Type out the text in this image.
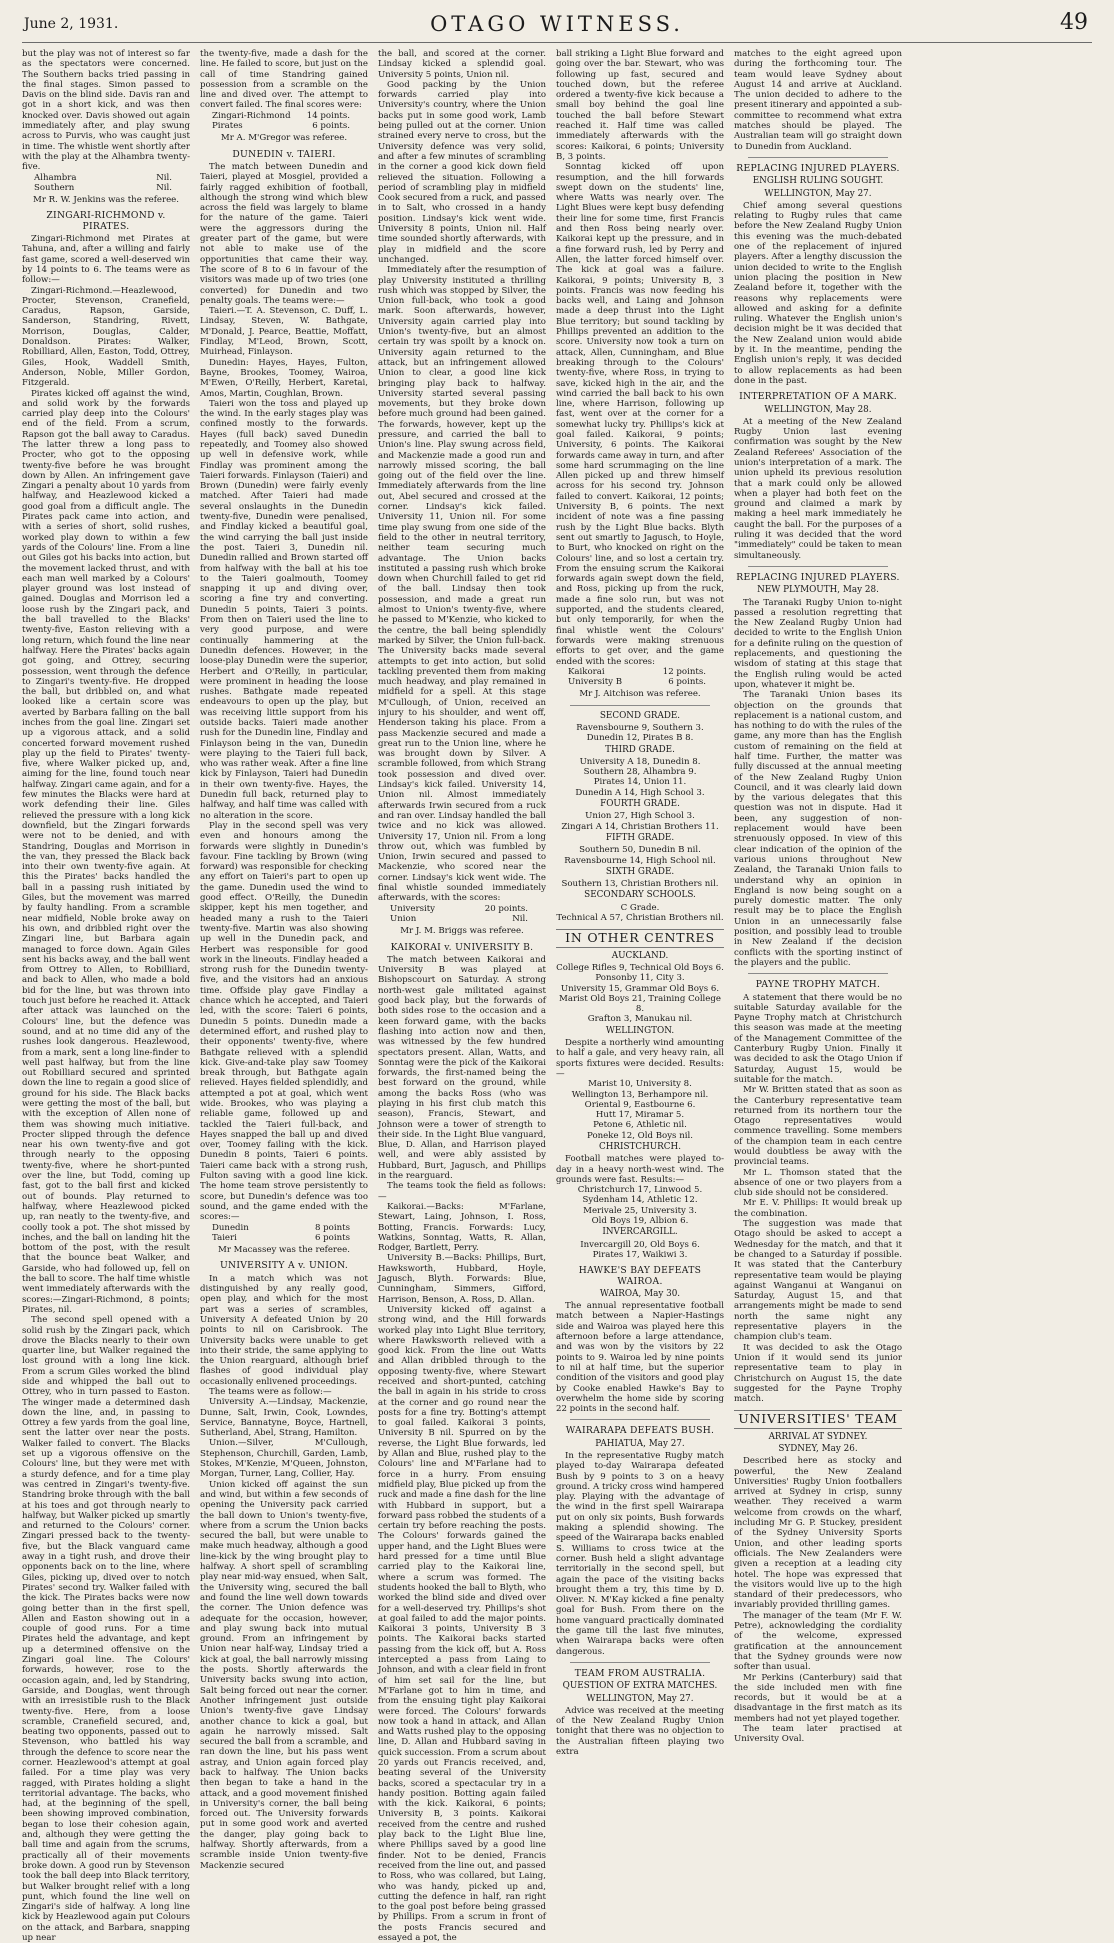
June 2, 1931.	OTAGO WITNESS.	49

but the play was not of interest so far as the spectators were concerned. The Southern backs tried passing in the final stages. Simon passed to Davis on the blind side. Davis ran and got in a short kick, and was then knocked over. Davis showed out again immediately after, and play swung across to Purvis, who was caught just in time. The whistle went shortly after with the play at the Alhambra twenty-five.

Alhambra	Nil.
Southern	Nil.

Mr R. W. Jenkins was the referee.

ZINGARI-RICHMOND v. PIRATES.

Zingari-Richmond met Pirates at Tahuna, and, after a willing and fairly fast game, scored a well-deserved win by 14 points to 6. The teams were as follow:—

Zingari-Richmond.—Heazlewood, Procter, Stevenson, Cranefield, Caradus, Rapson, Garside, Sanderson, Standring, Rivett, Morrison, Douglas, Calder, Donaldson. Pirates: Walker, Robilliard, Allen, Easton, Todd, Ottrey, Giles, Hook, Waddell Smith, Anderson, Noble, Miller Gordon, Fitzgerald.

Pirates kicked off against the wind, and solid work by the forwards carried play deep into the Colours' end of the field. From a scrum, Rapson got the ball away to Caradus. The latter threw a long pass to Procter, who got to the opposing twenty-five before he was brought down by Allen. An infringement gave Zingari a penalty about 10 yards from halfway, and Heazlewood kicked a good goal from a difficult angle. The Pirates pack came into action, and with a series of short, solid rushes, worked play down to within a few yards of the Colours' line. From a line out Giles got his backs into action, but the movement lacked thrust, and with each man well marked by a Colours' player ground was lost instead of gained. Douglas and Morrison led a loose rush by the Zingari pack, and the ball travelled to the Blacks' twenty-five, Easton relieving with a long return, which found the line near halfway. Here the Pirates' backs again got going, and Ottrey, securing possession, went through the defence to Zingari's twenty-five. He dropped the ball, but dribbled on, and what looked like a certain score was averted by Barbara falling on the ball inches from the goal line. Zingari set up a vigorous attack, and a solid concerted forward movement rushed play up the field to Pirates' twenty-five, where Walker picked up, and, aiming for the line, found touch near halfway. Zingari came again, and for a few minutes the Blacks were hard at work defending their line. Giles relieved the pressure with a long kick downfield, but the Zingari forwards were not to be denied, and with Standring, Douglas and Morrison in the van, they pressed the Black back into their own twenty-five again. At this the Pirates' backs handled the ball in a passing rush initiated by Giles, but the movement was marred by faulty handling. From a scramble near midfield, Noble broke away on his own, and dribbled right over the Zingari line, but Barbara again managed to force down. Again Giles sent his backs away, and the ball went from Ottrey to Allen, to Robilliard, and back to Allen, who made a bold bid for the line, but was thrown into touch just before he reached it. Attack after attack was launched on the Colours' line, but the defence was sound, and at no time did any of the rushes look dangerous. Heazlewood, from a mark, sent a long line-finder to well past halfway, but from the line out Robilliard secured and sprinted down the line to regain a good slice of ground for his side. The Black backs were getting the most of the ball, but with the exception of Allen none of them was showing much initiative. Procter slipped through the defence near his own twenty-five and got through nearly to the opposing twenty-five, where he short-punted over the line, but Todd, coming up fast, got to the ball first and kicked out of bounds. Play returned to halfway, where Heazlewood picked up, ran neatly to the twenty-five, and coolly took a pot. The shot missed by inches, and the ball on landing hit the bottom of the post, with the result that the bounce beat Walker, and Garside, who had followed up, fell on the ball to score. The half time whistle went immediately afterwards with the scores:—Zingari-Richmond, 8 points; Pirates, nil.

The second spell opened with a solid rush by the Zingari pack, which drove the Blacks nearly to their own quarter line, but Walker regained the lost ground with a long line kick. From a scrum Giles worked the blind side and whipped the ball out to Ottrey, who in turn passed to Easton. The winger made a determined dash down the line, and, in passing to Ottrey a few yards from the goal line, sent the latter over near the posts. Walker failed to convert. The Blacks set up a vigorous offensive on the Colours' line, but they were met with a sturdy defence, and for a time play was centred in Zingari's twenty-five. Standring broke through with the ball at his toes and got through nearly to halfway, but Walker picked up smartly and returned to the Colours' corner. Zingari pressed back to the twenty-five, but the Black vanguard came away in a tight rush, and drove their opponents back on to the line, where Giles, picking up, dived over to notch Pirates' second try. Walker failed with the kick. The Pirates backs were now going better than in the first spell, Allen and Easton showing out in a couple of good runs. For a time Pirates held the advantage, and kept up a determined offensive on the Zingari goal line. The Colours' forwards, however, rose to the occasion again, and, led by Standring, Garside, and Douglas, went through with an irresistible rush to the Black twenty-five. Here, from a loose scramble, Cranefield secured, and, beating two opponents, passed out to Stevenson, who battled his way through the defence to score near the corner. Heazlewood's attempt at goal failed. For a time play was very ragged, with Pirates holding a slight territorial advantage. The backs, who had, at the beginning of the spell, been showing improved combination, began to lose their cohesion again, and, although they were getting the ball time and again from the scrums, practically all of their movements broke down. A good run by Stevenson took the ball deep into Black territory, but Walker brought relief with a long punt, which found the line well on Zingari's side of halfway. A long line kick by Heazlewood again put Colours on the attack, and Barbara, snapping up near

the twenty-five, made a dash for the line. He failed to score, but just on the call of time Standring gained possession from a scramble on the line and dived over. The attempt to convert failed. The final scores were:

Zingari-Richmond 14 points.
Pirates	6 points.

Mr A. M'Gregor was referee.

DUNEDIN v. TAIERI.

The match between Dunedin and Taieri, played at Mosgiel, provided a fairly ragged exhibition of football, although the strong wind which blew across the field was largely to blame for the nature of the game. Taieri were the aggressors during the greater part of the game, but were not able to make use of the opportunities that came their way. The score of 8 to 6 in favour of the visitors was made up of two tries (one converted) for Dunedin and two penalty goals. The teams were:—

Taieri.—T. A. Stevenson, C. Duff, L. Lindsay, Steven, W. Bathgate, M'Donald, J. Pearce, Beattie, Moffatt, Findlay, M'Leod, Brown, Scott, Muirhead, Finlayson.

Dunedin: Hayes, Hayes, Fulton, Bayne, Brookes, Toomey, Wairoa, M'Ewen, O'Reilly, Herbert, Karetai, Amos, Martin, Coughlan, Brown.

Taieri won the toss and played up the wind. In the early stages play was confined mostly to the forwards. Hayes (full back) saved Dunedin repeatedly, and Toomey also showed up well in defensive work, while Findlay was prominent among the Taieri forwards. Finlayson (Taieri) and Brown (Dunedin) were fairly evenly matched. After Taieri had made several onslaughts in the Dunedin twenty-five, Dunedin were penalised, and Findlay kicked a beautiful goal, the wind carrying the ball just inside the post. Taieri 3, Dunedin nil. Dunedin rallied and Brown started off from halfway with the ball at his toe to the Taieri goalmouth, Toomey snapping it up and diving over, scoring a fine try and converting. Dunedin 5 points, Taieri 3 points. From then on Taieri used the line to very good purpose, and were continually hammering at the Dunedin defences. However, in the loose-play Dunedin were the superior, Herbert and O'Reilly, in particular, were prominent in heading the loose rushes. Bathgate made repeated endeavours to open up the play, but was receiving little support from his outside backs. Taieri made another rush for the Dunedin line, Findlay and Finlayson being in the van, Dunedin were playing to the Taieri full back, who was rather weak. After a fine line kick by Finlayson, Taieri had Dunedin in their own twenty-five. Hayes, the Dunedin full back, returned play to halfway, and half time was called with no alteration in the score.

Play in the second spell was very even and honours among the forwards were slightly in Dunedin's favour. Fine tackling by Brown (wing forward) was responsible for checking any effort on Taieri's part to open up the game. Dunedin used the wind to good effect. O'Reilly, the Dunedin skipper, kept his men together, and headed many a rush to the Taieri twenty-five. Martin was also showing up well in the Dunedin pack, and Herbert was responsible for good work in the lineouts. Findlay headed a strong rush for the Dunedin twenty-five, and the visitors had an anxious time. Offside play gave Findlay a chance which he accepted, and Taieri led, with the score: Taieri 6 points, Dunedin 5 points. Dunedin made a determined effort, and rushed play to their opponents' twenty-five, where Bathgate relieved with a splendid kick. Give-and-take play saw Toomey break through, but Bathgate again relieved. Hayes fielded splendidly, and attempted a pot at goal, which went wide. Brookes, who was playing a reliable game, followed up and tackled the Taieri full-back, and Hayes snapped the ball up and dived over, Toomey failing with the kick. Dunedin 8 points, Taieri 6 points. Taieri came back with a strong rush, Fulton saving with a good line kick. The home team strove persistently to score, but Dunedin's defence was too sound, and the game ended with the scores:—

Dunedin	8 points
Taieri	6 points

Mr Macassey was the referee.

UNIVERSITY A v. UNION.

In a match which was not distinguished by any really good, open play, and which for the most part was a series of scrambles, University A defeated Union by 20 points to nil on Carisbrook. The University backs were unable to get into their stride, the same applying to the Union rearguard, although brief flashes of good individual play occasionally enlivened proceedings.

The teams were as follow:—

University A.—Lindsay, Mackenzie, Dunne, Salt, Irwin, Cook, Lowndes, Service, Bannatyne, Boyce, Hartnell, Sutherland, Abel, Strang, Hamilton.

Union.—Silver, M'Cullough, Stephenson, Churchill, Garden, Lamb, Stokes, M'Kenzie, M'Queen, Johnston, Morgan, Turner, Lang, Collier, Hay.

Union kicked off against the sun and wind, but within a few seconds of opening the University pack carried the ball down to Union's twenty-five, where from a scrum the Union backs secured the ball, but were unable to make much headway, although a good line-kick by the wing brought play to halfway. A short spell of scrambling play near mid-way ensued, when Salt, the University wing, secured the ball and found the line well down towards the corner. The Union defence was adequate for the occasion, however, and play swung back into mutual ground. From an infringement by Union near half-way, Lindsay tried a kick at goal, the ball narrowly missing the posts. Shortly afterwards the University backs swung into action, Salt being forced out near the corner. Another infringement just outside Union's twenty-five gave Lindsay another chance to kick a goal, but again he narrowly missed. Salt secured the ball from a scramble, and ran down the line, but his pass went astray, and Union again forced play back to halfway. The Union backs then began to take a hand in the attack, and a good movement finished in University's corner, the ball being forced out. The University forwards put in some good work and averted the danger, play going back to halfway. Shortly afterwards, from a scramble inside Union twenty-five Mackenzie secured

the ball, and scored at the corner. Lindsay kicked a splendid goal. University 5 points, Union nil.

Good packing by the Union forwards carried play into University's country, where the Union backs put in some good work, Lamb being pulled out at the corner. Union strained every nerve to cross, but the University defence was very solid, and after a few minutes of scrambling in the corner a good kick down field relieved the situation. Following a period of scrambling play in midfield Cook secured from a ruck, and passed in to Salt, who crossed in a handy position. Lindsay's kick went wide. University 8 points, Union nil. Half time sounded shortly afterwards, with play in midfield and the score unchanged.

Immediately after the resumption of play University instituted a thrilling rush which was stopped by Silver, the Union full-back, who took a good mark. Soon afterwards, however, University again carried play into Union's twenty-five, but an almost certain try was spoilt by a knock on. University again returned to the attack, but an infringement allowed Union to clear, a good line kick bringing play back to halfway. University started several passing movements, but they broke down before much ground had been gained. The forwards, however, kept up the pressure, and carried the ball to Union's line. Play swung across field, and Mackenzie made a good run and narrowly missed scoring, the ball going out of the field over the line. Immediately afterwards from the line out, Abel secured and crossed at the corner. Lindsay's kick failed. University 11, Union nil. For some time play swung from one side of the field to the other in neutral territory, neither team securing much advantage. The Union backs instituted a passing rush which broke down when Churchill failed to get rid of the ball. Lindsay then took possession, and made a great run almost to Union's twenty-five, where he passed to M'Kenzie, who kicked to the centre, the ball being splendidly marked by Silver, the Union full-back. The University backs made several attempts to get into action, but solid tackling prevented them from making much headway, and play remained in midfield for a spell. At this stage M'Cullough, of Union, received an injury to his shoulder, and went off, Henderson taking his place. From a pass Mackenzie secured and made a great run to the Union line, where he was brought down by Silver. A scramble followed, from which Strang took possession and dived over. Lindsay's kick failed. University 14, Union nil. Almost immediately afterwards Irwin secured from a ruck and ran over. Lindsay handled the ball twice and no kick was allowed. University 17, Union nil. From a long throw out, which was fumbled by Union, Irwin secured and passed to Mackenzie, who scored near the corner. Lindsay's kick went wide. The final whistle sounded immediately afterwards, with the scores:

University	20 points.
Union	Nil.

Mr J. M. Briggs was referee.

KAIKORAI v. UNIVERSITY B.

The match between Kaikorai and University B was played at Bishopscourt on Saturday. A strong north-west gale militated against good back play, but the forwards of both sides rose to the occasion and a keen forward game, with the backs flashing into action now and then, was witnessed by the few hundred spectators present. Allan, Watts, and Sonntag were the pick of the Kaikorai forwards, the first-named being the best forward on the ground, while among the backs Ross (who was playing in his first club match this season), Francis, Stewart, and Johnson were a tower of strength to their side. In the Light Blue vanguard, Blue, D. Allan, and Harrison played well, and were ably assisted by Hubbard, Burt, Jagusch, and Phillips in the rearguard.

The teams took the field as follows:—

Kaikorai.—Backs: M'Farlane, Stewart, Laing, Johnson, I. Ross, Botting, Francis. Forwards: Lucy, Watkins, Sonntag, Watts, R. Allan, Rodger, Bartlett, Perry.

University B.—Backs: Phillips, Burt, Hawksworth, Hubbard, Hoyle, Jagusch, Blyth. Forwards: Blue, Cunningham, Simmers, Gifford, Harrison, Benson, A. Ross, D. Allan.

University kicked off against a strong wind, and the Hill forwards worked play into Light Blue territory, where Hawksworth relieved with a good kick. From the line out Watts and Allan dribbled through to the opposing twenty-five, where Stewart received and short-punted, catching the ball in again in his stride to cross at the corner and go round near the posts for a fine try. Botting's attempt to goal failed. Kaikorai 3 points, University B nil. Spurred on by the reverse, the Light Blue forwards, led by Allan and Blue, rushed play to the Colours' line and M'Farlane had to force in a hurry. From ensuing midfield play, Blue picked up from the ruck and made a fine dash for the line with Hubbard in support, but a forward pass robbed the students of a certain try before reaching the posts. The Colours' forwards gained the upper hand, and the Light Blues were hard pressed for a time until Blue carried play to the Kaikorai line, where a scrum was formed. The students hooked the ball to Blyth, who worked the blind side and dived over for a well-deserved try. Phillips's shot at goal failed to add the major points. Kaikorai 3 points, University B 3 points. The Kaikorai backs started passing from the kick off, but A. Ross intercepted a pass from Laing to Johnson, and with a clear field in front of him set sail for the line, but M'Farlane got to him in time, and from the ensuing tight play Kaikorai were forced. The Colours' forwards now took a hand in attack, and Allan and Watts rushed play to the opposing line, D. Allan and Hubbard saving in quick succession. From a scrum about 20 yards out Francis received, and, beating several of the University backs, scored a spectacular try in a handy position. Botting again failed with the kick. Kaikorai, 6 points; University B, 3 points. Kaikorai received from the centre and rushed play back to the Light Blue line, where Phillips saved by a good line finder. Not to be denied, Francis received from the line out, and passed to Ross, who was collared, but Laing, who was handy, picked up and, cutting the defence in half, ran right to the goal post before being grassed by Phillips. From a scrum in front of the posts Francis secured and essayed a pot, the

ball striking a Light Blue forward and going over the bar. Stewart, who was following up fast, secured and touched down, but the referee ordered a twenty-five kick because a small boy behind the goal line touched the ball before Stewart reached it. Half time was called immediately afterwards with the scores: Kaikorai, 6 points; University B, 3 points.

Sonntag kicked off upon resumption, and the hill forwards swept down on the students' line, where Watts was nearly over. The Light Blues were kept busy defending their line for some time, first Francis and then Ross being nearly over. Kaikorai kept up the pressure, and in a fine forward rush, led by Perry and Allen, the latter forced himself over. The kick at goal was a failure. Kaikorai, 9 points; University B, 3 points. Francis was now feeding his backs well, and Laing and Johnson made a deep thrust into the Light Blue territory; but sound tackling by Phillips prevented an addition to the score. University now took a turn on attack, Allen, Cunningham, and Blue breaking through to the Colours' twenty-five, where Ross, in trying to save, kicked high in the air, and the wind carried the ball back to his own line, where Harrison, following up fast, went over at the corner for a somewhat lucky try. Phillips's kick at goal failed. Kaikorai, 9 points; University, 6 points. The Kaikorai forwards came away in turn, and after some hard scrummaging on the line Allen picked up and threw himself across for his second try. Johnson failed to convert. Kaikorai, 12 points; University B, 6 points. The next incident of note was a fine passing rush by the Light Blue backs. Blyth sent out smartly to Jagusch, to Hoyle, to Burt, who knocked on right on the Colours' line, and so lost a certain try. From the ensuing scrum the Kaikorai forwards again swept down the field, and Ross, picking up from the ruck, made a fine solo run, but was not supported, and the students cleared, but only temporarily, for when the final whistle went the Colours' forwards were making strenuous efforts to get over, and the game ended with the scores:

Kaikorai	12 points.
University B	6 points.

Mr J. Aitchison was referee.

SECOND GRADE.
Ravensbourne 9, Southern 3.
Dunedin 12, Pirates B 8.
THIRD GRADE.
University A 18, Dunedin 8.
Southern 28, Alhambra 9.
Pirates 14, Union 11.
Dunedin A 14, High School 3.
FOURTH GRADE.
Union 27, High School 3.
Zingari A 14, Christian Brothers 11.
FIFTH GRADE.
Southern 50, Dunedin B nil.
Ravensbourne 14, High School nil.
SIXTH GRADE.
Southern 13, Christian Brothers nil.
SECONDARY SCHOOLS.
C Grade.
Technical A 57, Christian Brothers nil.
IN OTHER CENTRES
AUCKLAND.
College Rifles 9, Technical Old Boys 6.
Ponsonby 11, City 3.
University 15, Grammar Old Boys 6.
Marist Old Boys 21, Training College 8.
Grafton 3, Manukau nil.
WELLINGTON.

Despite a northerly wind amounting to half a gale, and very heavy rain, all sports fixtures were decided. Results:—

Marist 10, University 8.
Wellington 13, Berhampore nil.
Oriental 9, Eastbourne 6.
Hutt 17, Miramar 5.
Petone 6, Athletic nil.
Poneke 12, Old Boys nil.
CHRISTCHURCH.

Football matches were played to-day in a heavy north-west wind. The grounds were fast. Results:—

Christchurch 17, Linwood 5.
Sydenham 14, Athletic 12.
Merivale 25, University 3.
Old Boys 19, Albion 6.
INVERCARGILL.
Invercargill 20, Old Boys 6.
Pirates 17, Waikiwi 3.
HAWKE'S BAY DEFEATS WAIROA.
WAIROA, May 30.

The annual representative football match between a Napier-Hastings side and Wairoa was played here this afternoon before a large attendance, and was won by the visitors by 22 points to 9. Wairoa led by nine points to nil at half time, but the superior condition of the visitors and good play by Cooke enabled Hawke's Bay to overwhelm the home side by scoring 22 points in the second half.

WAIRARAPA DEFEATS BUSH.
PAHIATUA, May 27.

In the representative Rugby match played to-day Wairarapa defeated Bush by 9 points to 3 on a heavy ground. A tricky cross wind hampered play. Playing with the advantage of the wind in the first spell Wairarapa put on only six points, Bush forwards making a splendid showing. The speed of the Wairarapa backs enabled S. Williams to cross twice at the corner. Bush held a slight advantage territorially in the second spell, but again the pace of the visiting backs brought them a try, this time by D. Oliver. N. M'Kay kicked a fine penalty goal for Bush. From there on the home vanguard practically dominated the game till the last five minutes, when Wairarapa backs were often dangerous.

TEAM FROM AUSTRALIA.
QUESTION OF EXTRA MATCHES.
WELLINGTON, May 27.

Advice was received at the meeting of the New Zealand Rugby Union tonight that there was no objection to the Australian fifteen playing two extra

matches to the eight agreed upon during the forthcoming tour. The team would leave Sydney about August 14 and arrive at Auckland. The union decided to adhere to the present itinerary and appointed a sub-committee to recommend what extra matches should be played. The Australian team will go straight down to Dunedin from Auckland.

REPLACING INJURED PLAYERS.
ENGLISH RULING SOUGHT.
WELLINGTON, May 27.

Chief among several questions relating to Rugby rules that came before the New Zealand Rugby Union this evening was the much-debated one of the replacement of injured players. After a lengthy discussion the union decided to write to the English union placing the position in New Zealand before it, together with the reasons why replacements were allowed and asking for a definite ruling. Whatever the English union's decision might be it was decided that the New Zealand union would abide by it. In the meantime, pending the English union's reply, it was decided to allow replacements as had been done in the past.

INTERPRETATION OF A MARK.
WELLINGTON, May 28.

At a meeting of the New Zealand Rugby Union last evening confirmation was sought by the New Zealand Referees' Association of the union's interpretation of a mark. The union upheld its previous resolution that a mark could only be allowed when a player had both feet on the ground and claimed a mark by making a heel mark immediately he caught the ball. For the purposes of a ruling it was decided that the word "immediately" could be taken to mean simultaneously.

REPLACING INJURED PLAYERS.
NEW PLYMOUTH, May 28.

The Taranaki Rugby Union to-night passed a resolution regretting that the New Zealand Rugby Union had decided to write to the English Union for a definite ruling on the question of replacements, and questioning the wisdom of stating at this stage that the English ruling would be acted upon, whatever it might be.

The Taranaki Union bases its objection on the grounds that replacement is a national custom, and has nothing to do with the rules of the game, any more than has the English custom of remaining on the field at half time. Further, the matter was fully discussed at the annual meeting of the New Zealand Rugby Union Council, and it was clearly laid down by the various delegates that this question was not in dispute. Had it been, any suggestion of non-replacement would have been strenuously opposed. In view of this clear indication of the opinion of the various unions throughout New Zealand, the Taranaki Union fails to understand why an opinion in England is now being sought on a purely domestic matter. The only result may be to place the English Union in an unnecessarily false position, and possibly lead to trouble in New Zealand if the decision conflicts with the sporting instinct of the players and the public.

PAYNE TROPHY MATCH.

A statement that there would be no suitable Saturday available for the Payne Trophy match at Christchurch this season was made at the meeting of the Management Committee of the Canterbury Rugby Union. Finally it was decided to ask the Otago Union if Saturday, August 15, would be suitable for the match.

Mr W. Britten stated that as soon as the Canterbury representative team returned from its northern tour the Otago representatives would commence travelling. Some members of the champion team in each centre would doubtless be away with the provincial teams.

Mr L. Thomson stated that the absence of one or two players from a club side should not be considered.

Mr E. V. Phillips: It would break up the combination.

The suggestion was made that Otago should be asked to accept a Wednesday for the match, and that it be changed to a Saturday if possible. It was stated that the Canterbury representative team would be playing against Wanganui at Wanganui on Saturday, August 15, and that arrangements might be made to send north the same night any representative players in the champion club's team.

It was decided to ask the Otago Union if it would send its junior representative team to play in Christchurch on August 15, the date suggested for the Payne Trophy match.

UNIVERSITIES' TEAM
ARRIVAL AT SYDNEY.
SYDNEY, May 26.

Described here as stocky and powerful, the New Zealand Universities' Rugby Union footballers arrived at Sydney in crisp, sunny weather. They received a warm welcome from crowds on the wharf, including Mr G. P. Stuckey, president of the Sydney University Sports Union, and other leading sports officials. The New Zealanders were given a reception at a leading city hotel. The hope was expressed that the visitors would live up to the high standard of their predecessors, who invariably provided thrilling games.

The manager of the team (Mr F. W. Petre), acknowledging the cordiality of the welcome, expressed gratification at the announcement that the Sydney grounds were now softer than usual.

Mr Perkins (Canterbury) said that the side included men with fine records, but it would be at a disadvantage in the first match as its members had not yet played together.

The team later practised at University Oval.
